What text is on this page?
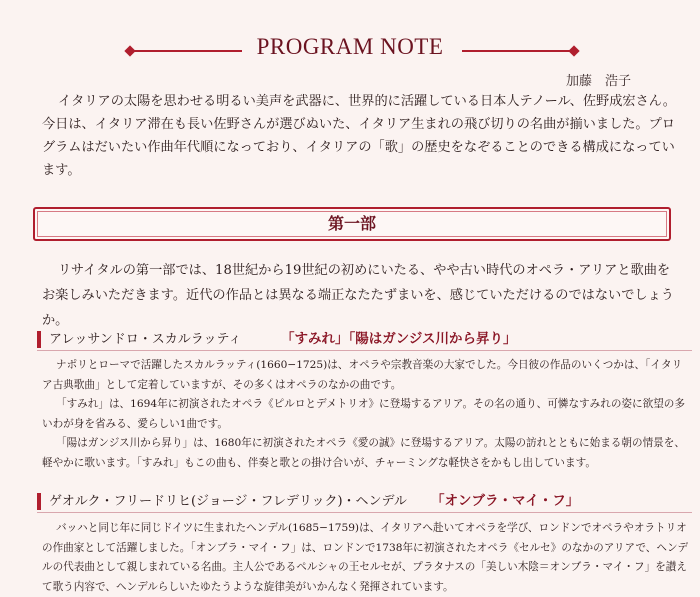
PROGRAM NOTE
加藤　浩子

イタリアの太陽を思わせる明るい美声を武器に、世界的に活躍している日本人テノール、佐野成宏さん。今日は、イタリア滞在も長い佐野さんが選びぬいた、イタリア生まれの飛び切りの名曲が揃いました。プログラムはだいたい作曲年代順になっており、イタリアの「歌」の歴史をなぞることのできる構成になっています。

第一部

リサイタルの第一部では、18世紀から19世紀の初めにいたる、やや古い時代のオペラ・アリアと歌曲をお楽しみいただきます。近代の作品とは異なる端正なたたずまいを、感じていただけるのではないでしょうか。

アレッサンドロ・スカルラッティ	「すみれ」「陽はガンジス川から昇り」

ナポリとローマで活躍したスカルラッティ(1660−1725)は、オペラや宗教音楽の大家でした。今日彼の作品のいくつかは、「イタリア古典歌曲」として定着していますが、その多くはオペラのなかの曲です。

「すみれ」は、1694年に初演されたオペラ《ピルロとデメトリオ》に登場するアリア。その名の通り、可憐なすみれの姿に欲望の多いわが身を省みる、愛らしい1曲です。

「陽はガンジス川から昇り」は、1680年に初演されたオペラ《愛の誠》に登場するアリア。太陽の訪れとともに始まる朝の情景を、軽やかに歌います。「すみれ」もこの曲も、伴奏と歌との掛け合いが、チャーミングな軽快さをかもし出しています。

ゲオルク・フリードリヒ(ジョージ・フレデリック)・ヘンデル 「オンブラ・マイ・フ」

バッハと同じ年に同じドイツに生まれたヘンデル(1685−1759)は、イタリアへ赴いてオペラを学び、ロンドンでオペラやオラトリオの作曲家として活躍しました。「オンブラ・マイ・フ」は、ロンドンで1738年に初演されたオペラ《セルセ》のなかのアリアで、ヘンデルの代表曲として親しまれている名曲。主人公であるペルシャの王セルセが、プラタナスの「美しい木陰＝オンブラ・マイ・フ」を讃えて歌う内容で、ヘンデルらしいたゆたうような旋律美がいかんなく発揮されています。
